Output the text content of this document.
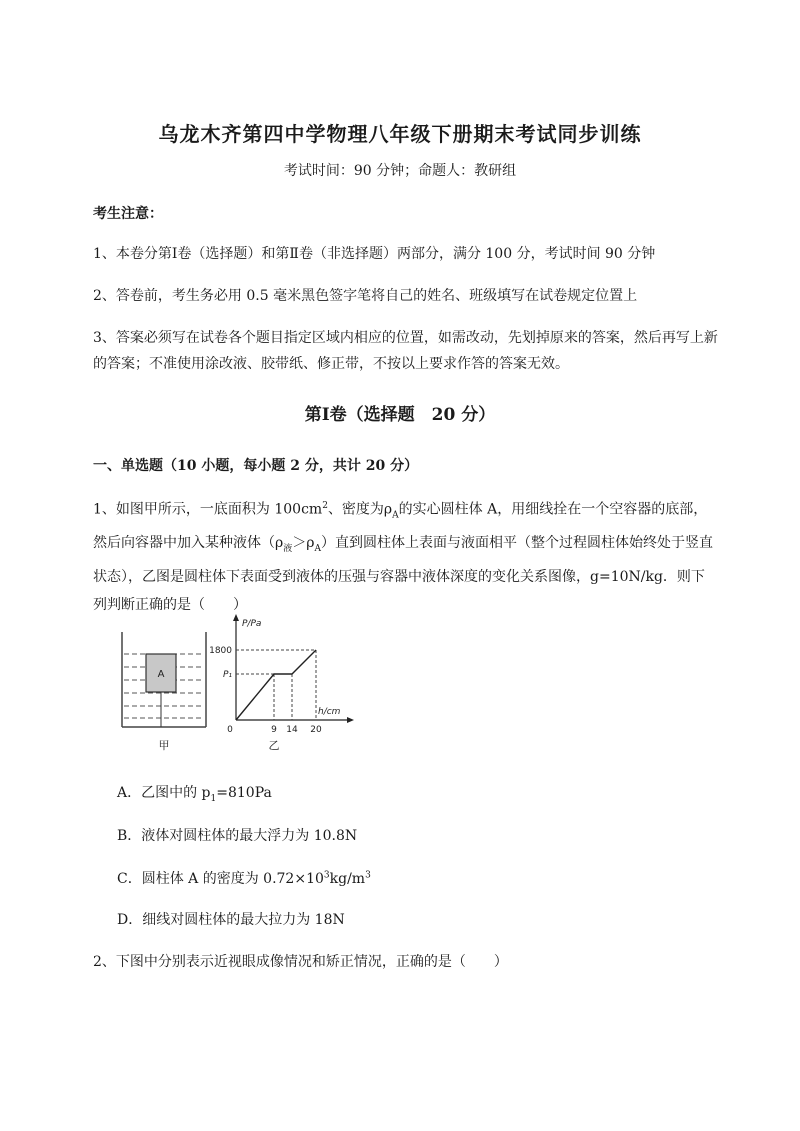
乌龙木齐第四中学物理八年级下册期末考试同步训练
考试时间：90 分钟；命题人：教研组
考生注意：
1、本卷分第Ⅰ卷（选择题）和第Ⅱ卷（非选择题）两部分，满分 100 分，考试时间 90 分钟
2、答卷前，考生务必用 0.5 毫米黑色签字笔将自己的姓名、班级填写在试卷规定位置上
3、答案必须写在试卷各个题目指定区域内相应的位置，如需改动，先划掉原来的答案，然后再写上新的答案；不准使用涂改液、胶带纸、修正带，不按以上要求作答的答案无效。
第Ⅰ卷（选择题　20 分）
一、单选题（10 小题，每小题 2 分，共计 20 分）
1、如图甲所示，一底面积为 $100cm^2$、密度为$\rho_A$的实心圆柱体 A，用细线拴在一个空容器的底部，然后向容器中加入某种液体$(\rho_液>\rho_A)$直到圆柱体上表面与液面相平（整个过程圆柱体始终处于竖直状态），乙图是圆柱体下表面受到液体的压强与容器中液体深度的变化关系图像，g=10N/kg．则下列判断正确的是（　　）
A
甲
P/Pa
h/cm
1800
P₁
0	9 14 20
乙
A．乙图中的 $p_1=810Pa$
B．液体对圆柱体的最大浮力为 10.8N
C．圆柱体 A 的密度为 $0.72\times 10^3kg/m^3$
D．细线对圆柱体的最大拉力为 18N
2、下图中分别表示近视眼成像情况和矫正情况，正确的是（　　）
